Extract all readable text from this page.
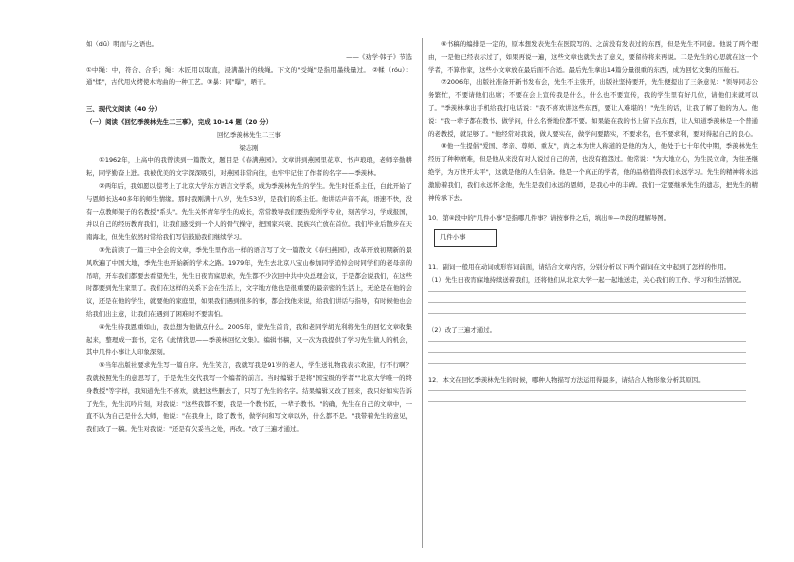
如（dū）明而与之语也。

——《劝学·韩子》节选

①中绳：中，符合、合乎；绳：木匠用以取直，浸满墨汁的线绳。下文的"受绳"是指用墨线量过。 ②輮（róu）：通"煣"，古代用火烤使木弯曲的一种工艺。③暴：同"曝"，晒干。

三、现代文阅读（40 分）

（一）阅读《回忆季羡林先生二三事》，完成 10-14 题（20 分）

回忆季羡林先生二三事

梁志刚

①1962年，上高中的我曾读到一篇散文，题目是《春满燕园》。文章讲到燕园里花草、书声琅琅，老师辛勤耕耘，同学勤奋上进。我被优美的文字深深吸引，对燕园非常向往，也牢牢记住了作者的名字——季羡林。

②两年后，我如愿以偿考上了北京大学东方语言文学系，成为季羡林先生的学生。先生时任系主任，白此开始了与恩师长达40多年的师生情缘。那时我刚满十八岁，先生53岁，是我们的系主任。他讲话声音不高，语速不快，没有一点教师架子的名教授"系头"。先生关怀青年学生的成长，常常教导我们要热爱所学专业，刻苦学习，学成报国，并以自己的经历教育我们，让我们感受到一个人的骨气操守，把国家兴衰、民族兴亡放在首位。我们毕业后散步在天南海北，但先生依然时常给我们写信鼓励我们继续学习。

③先前读了一篇三中全会的文章，季先生里作出一样的语言写了文一篇散文《春归燕园》，改革开放初期新的景风吹遍了中国大地，季先生也开始新的学术之路。1979年，先生去北京八宝山参加同学追悼会时同学们的老母亲的吊唁，开车我们都要去看望先生，先生日夜宵寐思索，先生都不少次回中共中央总理会议，于是都会说我们，在这些时都要到先生家里了。我们在这样的关系下会在生活上，文字地方他也是很重要的最亲密的生活上，无论是在他的会议，还是在他的学生，就要他的家庭里，如果我们遇到很多的事，都会找他来说，给我们讲话与指导，有时候他也会给我们出主意，让我们在遇到了困难时不要害怕。

④先生待我恩重如山，我总想为他做点什么。2005年，蒙先生首肯，我和老同学胡光利将先生的回忆文章收集起来，整理成一套书，定名《此情犹思——季羡林回忆文集》。编辑书稿，又一次为我提供了学习先生做人的机会，其中几件小事让人印象深刻。

⑤当年出版社要求先生写一篇自序。先生笑言，我就写我是91岁的老人，学生送礼物我表示欢迎，行不行啊？我就按照先生的意思写了，于是先生交代我写一个编者的前言。当时编辑于是将"国宝级的学者""北京大学唯一的终身教授"等字样，我知道先生不喜欢，就把这些删去了，只写了先生的名字。结果编辑又改了回来，我只好如实告诉了先生，先生沉吟片刻，对我说："这些我都不要，我是一个教书匠，一辈子教书。"的确，先生在自己的文章中，一直不认为自己是什么大师，他说："在我身上，除了教书，做学问和写文章以外，什么都不是。"我带着先生的意见，我们改了一稿。先生对我说："还是有欠妥当之处，再改。"改了三遍才通过。

⑥书稿的编排是一定的，原本想发表先生在医院写的、之前没有发表过的东西，但是先生不同意。他说了两个理由，一是他已经表示过了，如果再说一遍，这些文章也就失去了意义，要留待将来再说。二是先生的心思就在这一个学者，不算作家，这些小文章放在最后面不合适。最后先生拿出14篇分量很重的东西，成为回忆文集的压舱石。

⑦2006年，出版社准备开新书发布会，先生不主张开，出版社坚持要开，先生便提出了三条意见："领导同志公务繁忙，不要请他们出席；不要在会上宣传我是什么，什么也不要宣传，我的学生里有好几位，请他们来就可以了。"季羡林拿出手机给我打电话说："我不喜欢讲这些东西，要让人难堪的！"先生的话，让我了解了他的为人。他说："我一辈子都在教书、做学问，什么名誉地位都不要。如果能在我的书上留下点东西，让人知道季羡林是一个普通的老教授，就足够了。"他经常对我说，做人要实在，做学问要踏实，不要求名，也不要求利，要对得起自己的良心。

⑧他一生提倡"爱国、孝亲、尊师、重友"，尚之本为世人称道的是他的为人，他处于七十年代中期，季羡林先生经历了种种磨难，但是他从来没有对人说过自己的苦，也没有抱怨过。他常说："为大地立心，为生民立命，为往圣继绝学，为万世开太平"，这就是他的人生信条。他是一个真正的学者，他的品格值得我们永远学习。先生的精神将永远激励着我们，我们永远怀念他，先生是我们永远的恩师，是我心中的丰碑。我们一定要继承先生的遗志，把先生的精神传承下去。

10．第④段中的"几件小事"是指哪几件事？请按事件之后，填出⑤—⑦段的理解导图。

几件小事

11．副词一般用在动词或形容词前面，请结合文章内容，分别分析以下两个副词在文中起到了怎样的作用。

（1）先生日夜宵寐地持续送着我们，还将他们从北京大学一起一起地送走，关心我们的工作、学习和生活情况。

（2）改了三遍才通过。

12．本文在回忆季羡林先生的时候，哪种人物描写方法运用得最多，请结合人物形象分析其原因。
